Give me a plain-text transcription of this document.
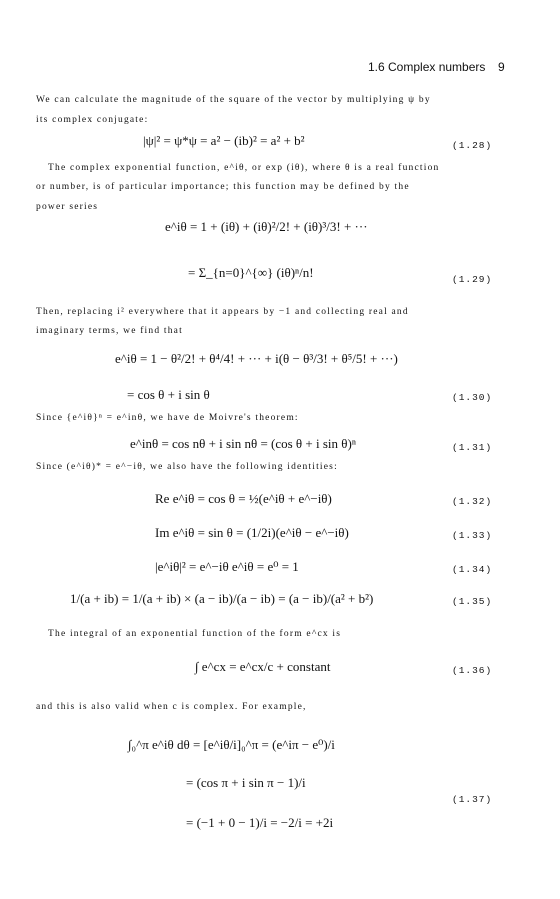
1.6 Complex numbers 9
We can calculate the magnitude of the square of the vector by multiplying ψ by
its complex conjugate:
|ψ|² = ψ*ψ = a² − (ib)² = a² + b²	(1.28)
The complex exponential function, e^iθ, or exp (iθ), where θ is a real function
or number, is of particular importance; this function may be defined by the
power series
e^iθ = 1 + (iθ) + (iθ)²/2! + (iθ)³/3! + ···
= Σ_{n=0}^{∞} (iθ)ⁿ/n!	(1.29)
Then, replacing i² everywhere that it appears by −1 and collecting real and
imaginary terms, we find that
e^iθ = 1 − θ²/2! + θ⁴/4! + ··· + i(θ − θ³/3! + θ⁵/5! + ···)
= cos θ + i sin θ	(1.30)
Since {e^iθ}ⁿ = e^inθ, we have de Moivre's theorem:
e^inθ = cos nθ + i sin nθ = (cos θ + i sin θ)ⁿ	(1.31)
Since (e^iθ)* = e^−iθ, we also have the following identities:
Re e^iθ = cos θ = ½(e^iθ + e^−iθ)	(1.32)
Im e^iθ = sin θ = (1/2i)(e^iθ − e^−iθ)	(1.33)
|e^iθ|² = e^−iθ e^iθ = e⁰ = 1	(1.34)
1/(a + ib) = 1/(a + ib) × (a − ib)/(a − ib) = (a − ib)/(a² + b²)	(1.35)
The integral of an exponential function of the form e^cx is
∫ e^cx = e^cx/c + constant	(1.36)
and this is also valid when c is complex. For example,
∫₀^π e^iθ dθ = [e^iθ/i]₀^π = (e^iπ − e⁰)/i
= (cos π + i sin π − 1)/i
(1.37)
= (−1 + 0 − 1)/i = −2/i = +2i
